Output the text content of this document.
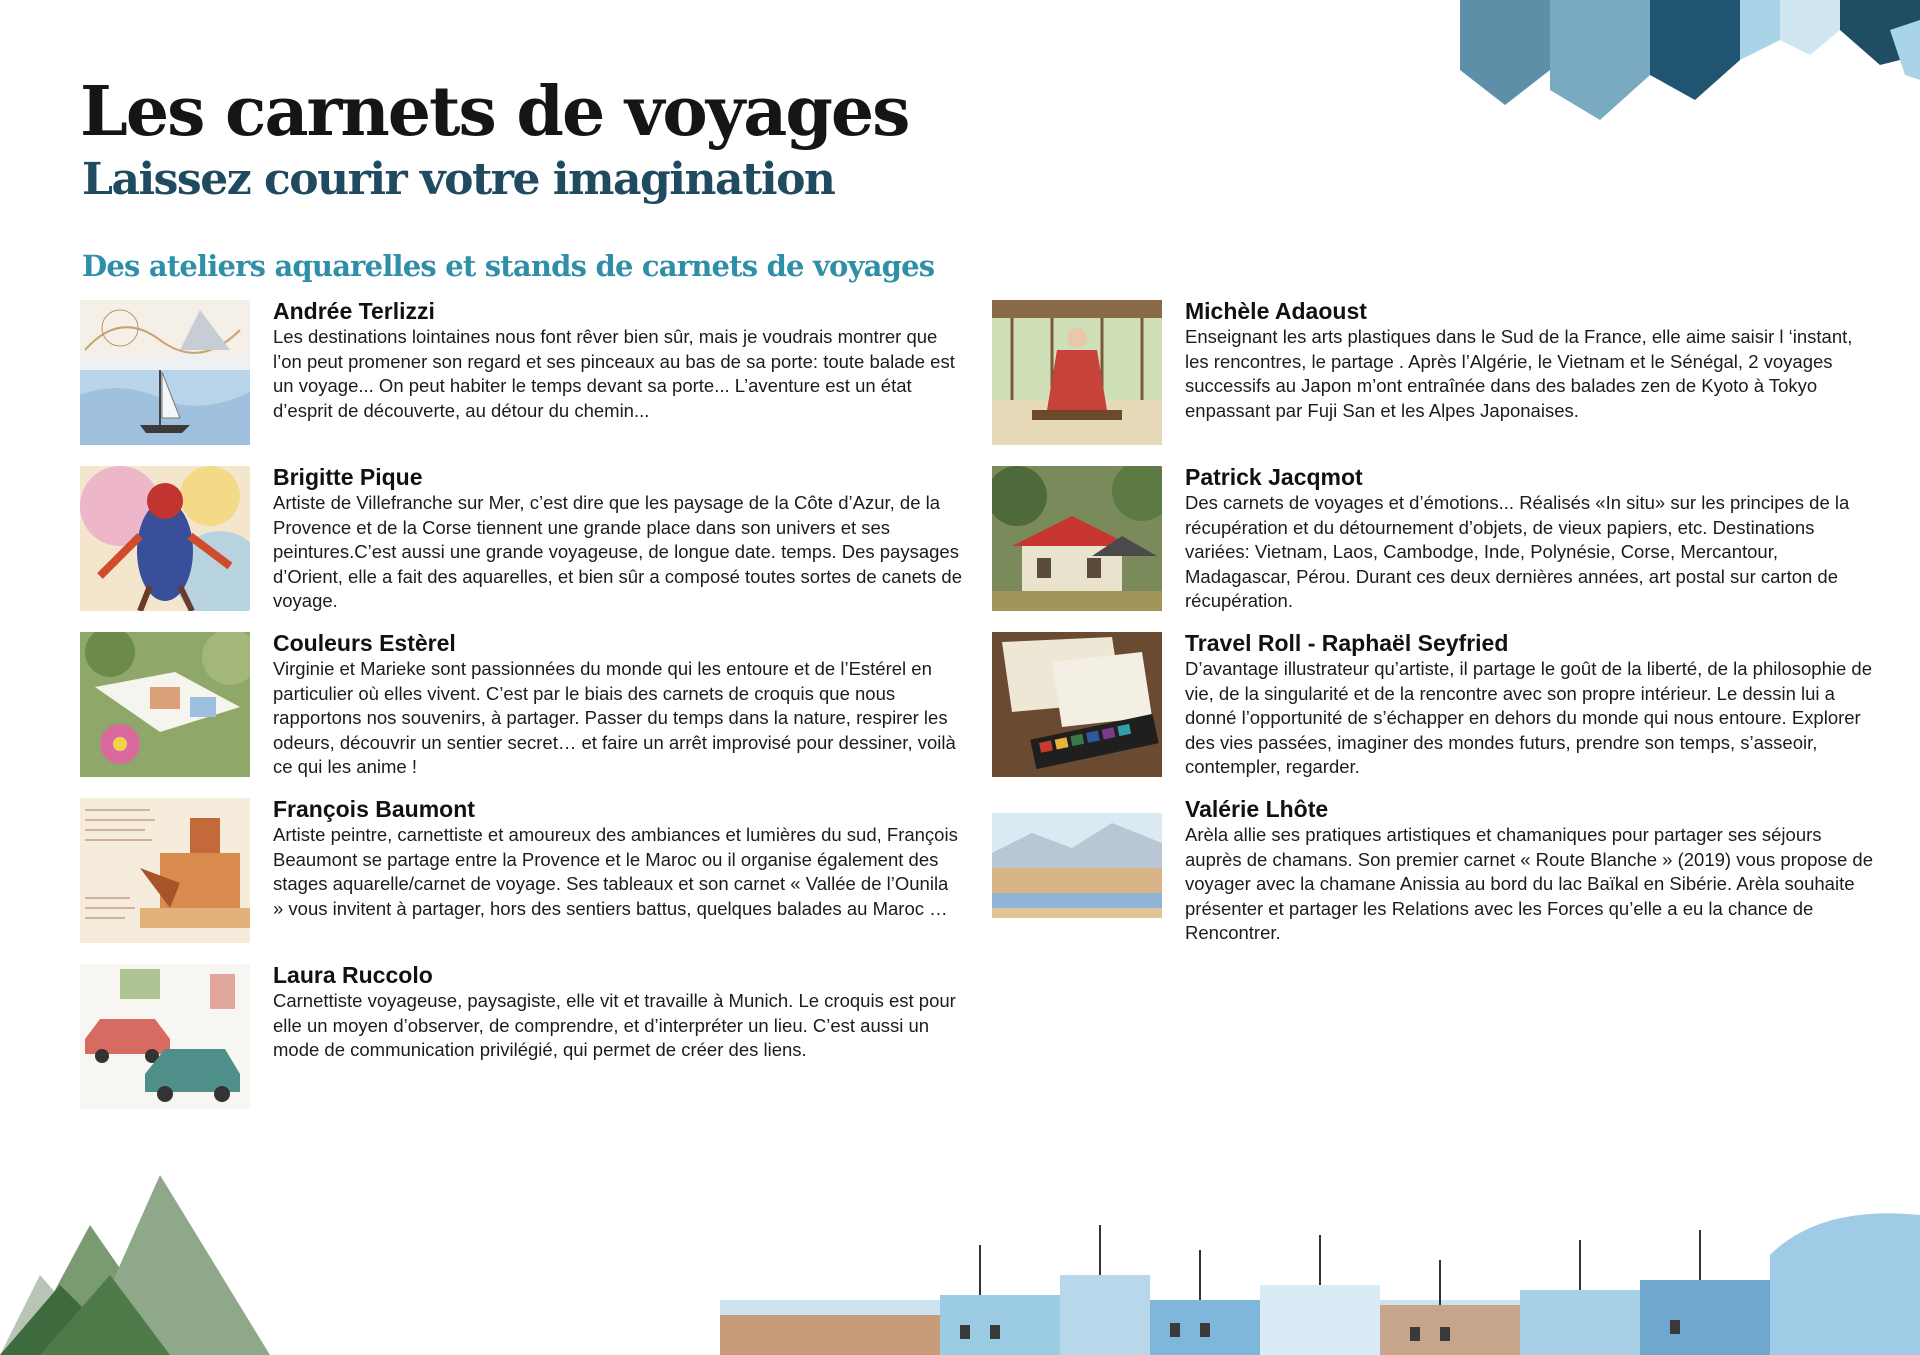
Les carnets de voyages
Laissez courir votre imagination
Des ateliers aquarelles et stands de carnets de voyages

Andrée Terlizzi

Les destinations lointaines nous font rêver bien sûr, mais je voudrais montrer que l’on peut promener son regard et ses pinceaux au bas de sa porte: toute balade est un voyage... On peut habiter le temps devant sa porte... L’aventure est un état d’esprit de découverte, au détour du chemin...

Brigitte Pique

Artiste de Villefranche sur Mer, c’est dire que les paysage de la Côte d’Azur, de la Provence et de la Corse tiennent une grande place dans son univers et ses peintures.C’est aussi une grande voyageuse, de longue date. temps. Des paysages d’Orient, elle a fait des aquarelles, et bien sûr a composé toutes sortes de canets de voyage.

Couleurs Estèrel

Virginie et Marieke sont passionnées du monde qui les entoure et de l’Estérel en particulier où elles vivent. C’est par le biais des carnets de croquis que nous rapportons nos souvenirs, à partager. Passer du temps dans la nature, respirer les odeurs, découvrir un sentier secret… et faire un arrêt improvisé pour dessiner, voilà ce qui les anime !

François Baumont

Artiste peintre, carnettiste et amoureux des ambiances et lumières du sud, François Beaumont se partage entre la Provence et le Maroc ou il organise également des stages aquarelle/carnet de voyage. Ses tableaux et son carnet « Vallée de l’Ounila » vous invitent à partager, hors des sentiers battus, quelques balades au Maroc …

Laura Ruccolo

Carnettiste voyageuse, paysagiste, elle vit et travaille à Munich. Le croquis est pour elle un moyen d’observer, de comprendre, et d’interpréter un lieu. C’est aussi un mode de communication privilégié, qui permet de créer des liens.

Michèle Adaoust

Enseignant les arts plastiques dans le Sud de la France, elle aime saisir l ‘instant, les rencontres, le partage . Après l’Algérie, le Vietnam et le Sénégal, 2 voyages successifs au Japon m’ont entraînée dans des balades zen de Kyoto à Tokyo enpassant par Fuji San et les Alpes Japonaises.

Patrick Jacqmot

Des carnets de voyages et d’émotions... Réalisés «In situ» sur les principes de la récupération et du détournement d’objets, de vieux papiers, etc. Destinations variées: Vietnam, Laos, Cambodge, Inde, Polynésie, Corse, Mercantour, Madagascar, Pérou. Durant ces deux dernières années, art postal sur carton de récupération.

Travel Roll - Raphaël Seyfried

D’avantage illustrateur qu’artiste, il partage le goût de la liberté, de la philosophie de vie, de la singularité et de la rencontre avec son propre intérieur. Le dessin lui a donné l’opportunité de s’échapper en dehors du monde qui nous entoure. Explorer des vies passées, imaginer des mondes futurs, prendre son temps, s’asseoir, contempler, regarder.

Valérie Lhôte

Arèla allie ses pratiques artistiques et chamaniques pour partager ses séjours auprès de chamans. Son premier carnet « Route Blanche » (2019) vous propose de voyager avec la chamane Anissia au bord du lac Baïkal en Sibérie. Arèla souhaite présenter et partager les Relations avec les Forces qu’elle a eu la chance de Rencontrer.
